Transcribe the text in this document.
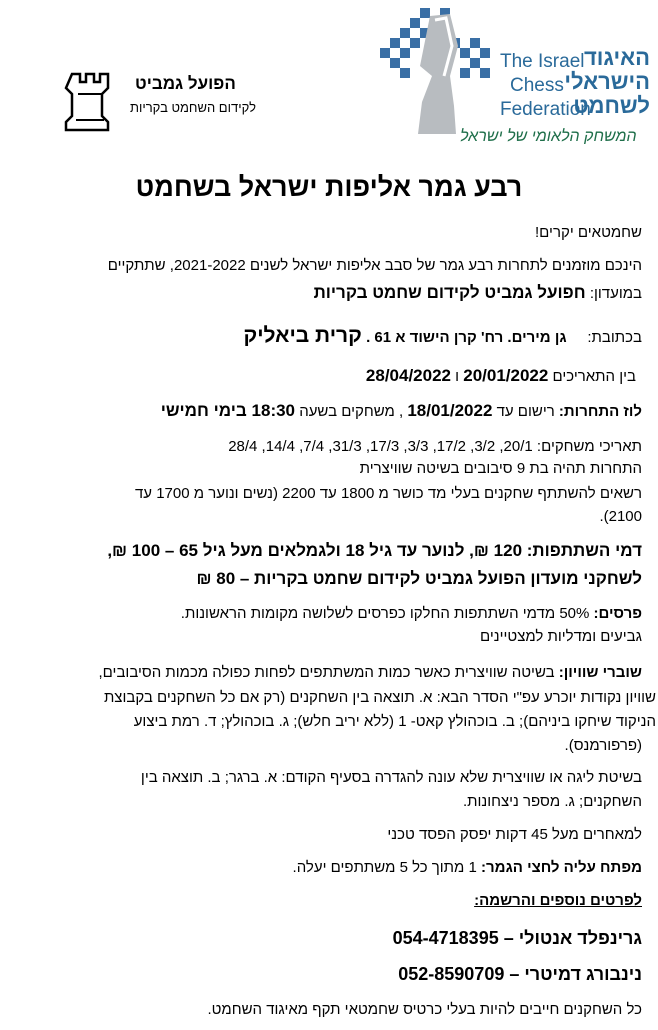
The Israel
Chess
Federation
האיגוד
הישראלי
לשחמט
המשחק הלאומי של ישראל
הפועל גמביט
לקידום השחמט בקריות
רבע גמר אליפות ישראל בשחמט
שחמטאים יקרים!
הינכם מוזמנים לתחרות רבע גמר של סבב אליפות ישראל לשנים 2021-2022, שתתקיים
במועדון: חפועל גמביט לקידום שחמט בקריות
בכתובת:     גן מירים. רח' קרן הישוד א 61 . קרית ביאליק
בין התאריכים 20/01/2022 ו 28/04/2022
לוז התחרות: רישום עד 18/01/2022 , משחקים בשעה 18:30 בימי חמישי
תאריכי משחקים: 20/1, 3/2, 17/2, 3/3, 17/3, 31/3, 7/4, 14/4, 28/4
התחרות תהיה בת 9 סיבובים בשיטה שוויצרית
רשאים להשתתף שחקנים בעלי מד כושר מ 1800 עד 2200 (נשים ונוער מ 1700 עד
2100).
דמי השתתפות: 120 ₪, לנוער עד גיל 18 ולגמלאים מעל גיל 65 – 100 ₪,
לשחקני מועדון הפועל גמביט לקידום שחמט בקריות – 80 ₪
פרסים: 50% מדמי השתתפות החלקו כפרסים לשלושה מקומות הראשונות.
גביעים ומדליות למצטיינים
שוברי שוויון: בשיטה שוויצרית כאשר כמות המשתתפים לפחות כפולה מכמות הסיבובים,
שוויון נקודות יוכרע עפ"י הסדר הבא: א. תוצאה בין השחקנים (רק אם כל השחקנים בקבוצת
הניקוד שיחקו ביניהם); ב. בוכהולץ קאט- 1 (ללא יריב חלש); ג. בוכהולץ; ד. רמת ביצוע
(פרפורמנס).
בשיטת ליגה או שוויצרית שלא עונה להגדרה בסעיף הקודם: א. ברגר; ב. תוצאה בין
השחקנים; ג. מספר ניצחונות.
למאחרים מעל 45 דקות יפסק הפסד טכני
מפתח עליה לחצי הגמר: 1 מתוך כל 5 משתתפים יעלה.
לפרטים נוספים והרשמה:
גרינפלד אנטולי – 054-4718395
נינבורג דמיטרי – 052-8590709
כל השחקנים חייבים להיות בעלי כרטיס שחמטאי תקף מאיגוד השחמט.
